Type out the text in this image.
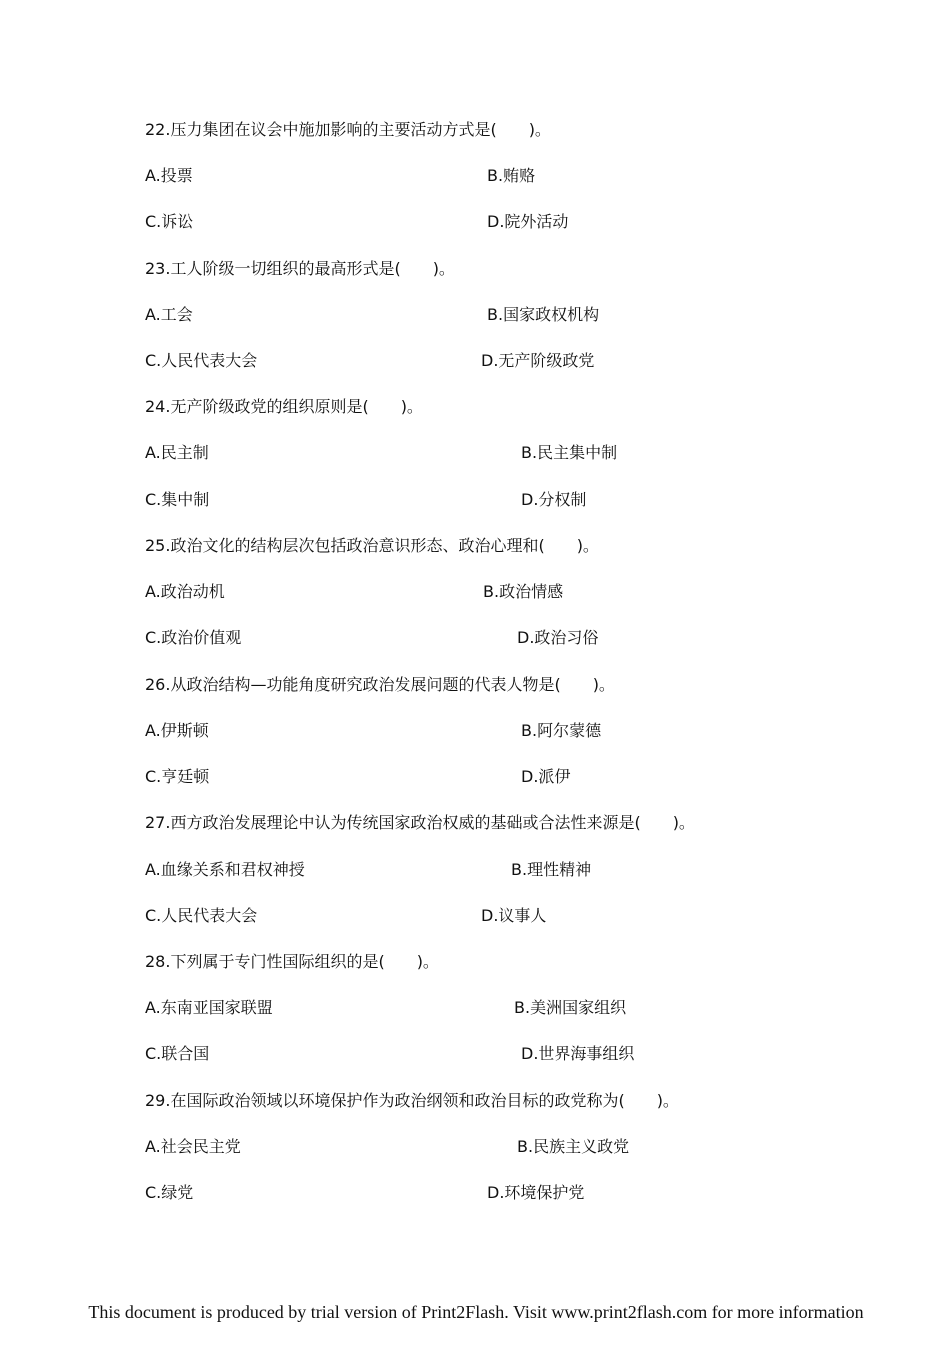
22.压力集团在议会中施加影响的主要活动方式是(　　)。
A.投票	B.贿赂
C.诉讼	D.院外活动
23.工人阶级一切组织的最高形式是(　　)。
A.工会	B.国家政权机构
C.人民代表大会	D.无产阶级政党
24.无产阶级政党的组织原则是(　　)。
A.民主制	B.民主集中制
C.集中制	D.分权制
25.政治文化的结构层次包括政治意识形态、政治心理和(　　)。
A.政治动机	B.政治情感
C.政治价值观	D.政治习俗
26.从政治结构—功能角度研究政治发展问题的代表人物是(　　)。
A.伊斯顿	B.阿尔蒙德
C.亨廷顿	D.派伊
27.西方政治发展理论中认为传统国家政治权威的基础或合法性来源是(　　)。
A.血缘关系和君权神授	B.理性精神
C.人民代表大会	D.议事人
28.下列属于专门性国际组织的是(　　)。
A.东南亚国家联盟	B.美洲国家组织
C.联合国	D.世界海事组织
29.在国际政治领域以环境保护作为政治纲领和政治目标的政党称为(　　)。
A.社会民主党	B.民族主义政党
C.绿党	D.环境保护党
This document is produced by trial version of Print2Flash. Visit www.print2flash.com for more information
